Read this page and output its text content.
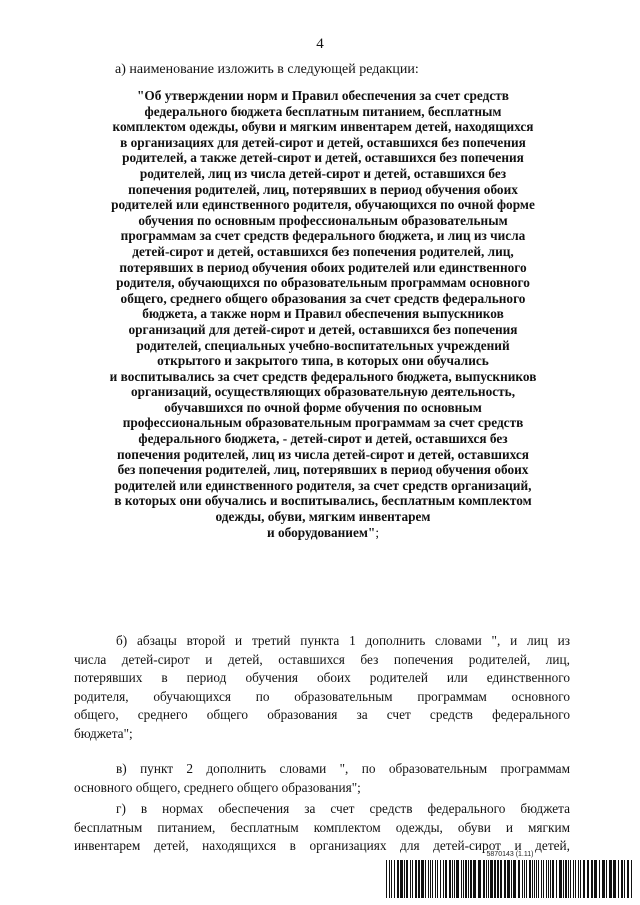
4
а) наименование изложить в следующей редакции:
"Об утверждении норм и Правил обеспечения за счет средств
федерального бюджета бесплатным питанием, бесплатным
комплектом одежды, обуви и мягким инвентарем детей, находящихся
в организациях для детей-сирот и детей, оставшихся без попечения
родителей, а также детей-сирот и детей, оставшихся без попечения
родителей, лиц из числа детей-сирот и детей, оставшихся без
попечения родителей, лиц, потерявших в период обучения обоих
родителей или единственного родителя, обучающихся по очной форме
обучения по основным профессиональным образовательным
программам за счет средств федерального бюджета, и лиц из числа
детей-сирот и детей, оставшихся без попечения родителей, лиц,
потерявших в период обучения обоих родителей или единственного
родителя, обучающихся по образовательным программам основного
общего, среднего общего образования за счет средств федерального
бюджета, а также норм и Правил обеспечения выпускников
организаций для детей-сирот и детей, оставшихся без попечения
родителей, специальных учебно-воспитательных учреждений
открытого и закрытого типа, в которых они обучались
и воспитывались за счет средств федерального бюджета, выпускников
организаций, осуществляющих образовательную деятельность,
обучавшихся по очной форме обучения по основным
профессиональным образовательным программам за счет средств
федерального бюджета, - детей-сирот и детей, оставшихся без
попечения родителей, лиц из числа детей-сирот и детей, оставшихся
без попечения родителей, лиц, потерявших в период обучения обоих
родителей или единственного родителя, за счет средств организаций,
в которых они обучались и воспитывались, бесплатным комплектом
одежды, обуви, мягким инвентарем
и оборудованием";
б) абзацы второй и третий пункта 1 дополнить словами ", и лиц из
числа детей-сирот и детей, оставшихся без попечения родителей, лиц,
потерявших в период обучения обоих родителей или единственного
родителя, обучающихся по образовательным программам основного
общего, среднего общего образования за счет средств федерального
бюджета";
в) пункт 2 дополнить словами ", по образовательным программам
основного общего, среднего общего образования";
г) в нормах обеспечения за счет средств федерального бюджета
бесплатным питанием, бесплатным комплектом одежды, обуви и мягким
инвентарем детей, находящихся в организациях для детей-сирот и детей,
5870143 (1.11)
